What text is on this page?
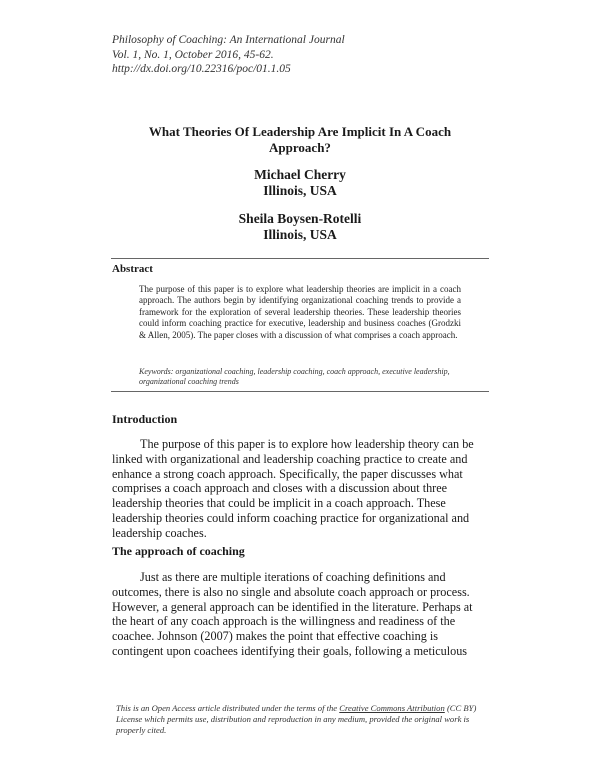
Philosophy of Coaching: An International Journal
Vol. 1, No. 1, October 2016, 45-62.
http://dx.doi.org/10.22316/poc/01.1.05
What Theories Of Leadership Are Implicit In A Coach Approach?
Michael Cherry
Illinois, USA
Sheila Boysen-Rotelli
Illinois, USA
Abstract
The purpose of this paper is to explore what leadership theories are implicit in a coach approach. The authors begin by identifying organizational coaching trends to provide a framework for the exploration of several leadership theories. These leadership theories could inform coaching practice for executive, leadership and business coaches (Grodzki & Allen, 2005). The paper closes with a discussion of what comprises a coach approach.
Keywords: organizational coaching, leadership coaching, coach approach, executive leadership, organizational coaching trends
Introduction
The purpose of this paper is to explore how leadership theory can be linked with organizational and leadership coaching practice to create and enhance a strong coach approach. Specifically, the paper discusses what comprises a coach approach and closes with a discussion about three leadership theories that could be implicit in a coach approach. These leadership theories could inform coaching practice for organizational and leadership coaches.
The approach of coaching
Just as there are multiple iterations of coaching definitions and outcomes, there is also no single and absolute coach approach or process. However, a general approach can be identified in the literature. Perhaps at the heart of any coach approach is the willingness and readiness of the coachee. Johnson (2007) makes the point that effective coaching is contingent upon coachees identifying their goals, following a meticulous
This is an Open Access article distributed under the terms of the Creative Commons Attribution (CC BY) License which permits use, distribution and reproduction in any medium, provided the original work is properly cited.
